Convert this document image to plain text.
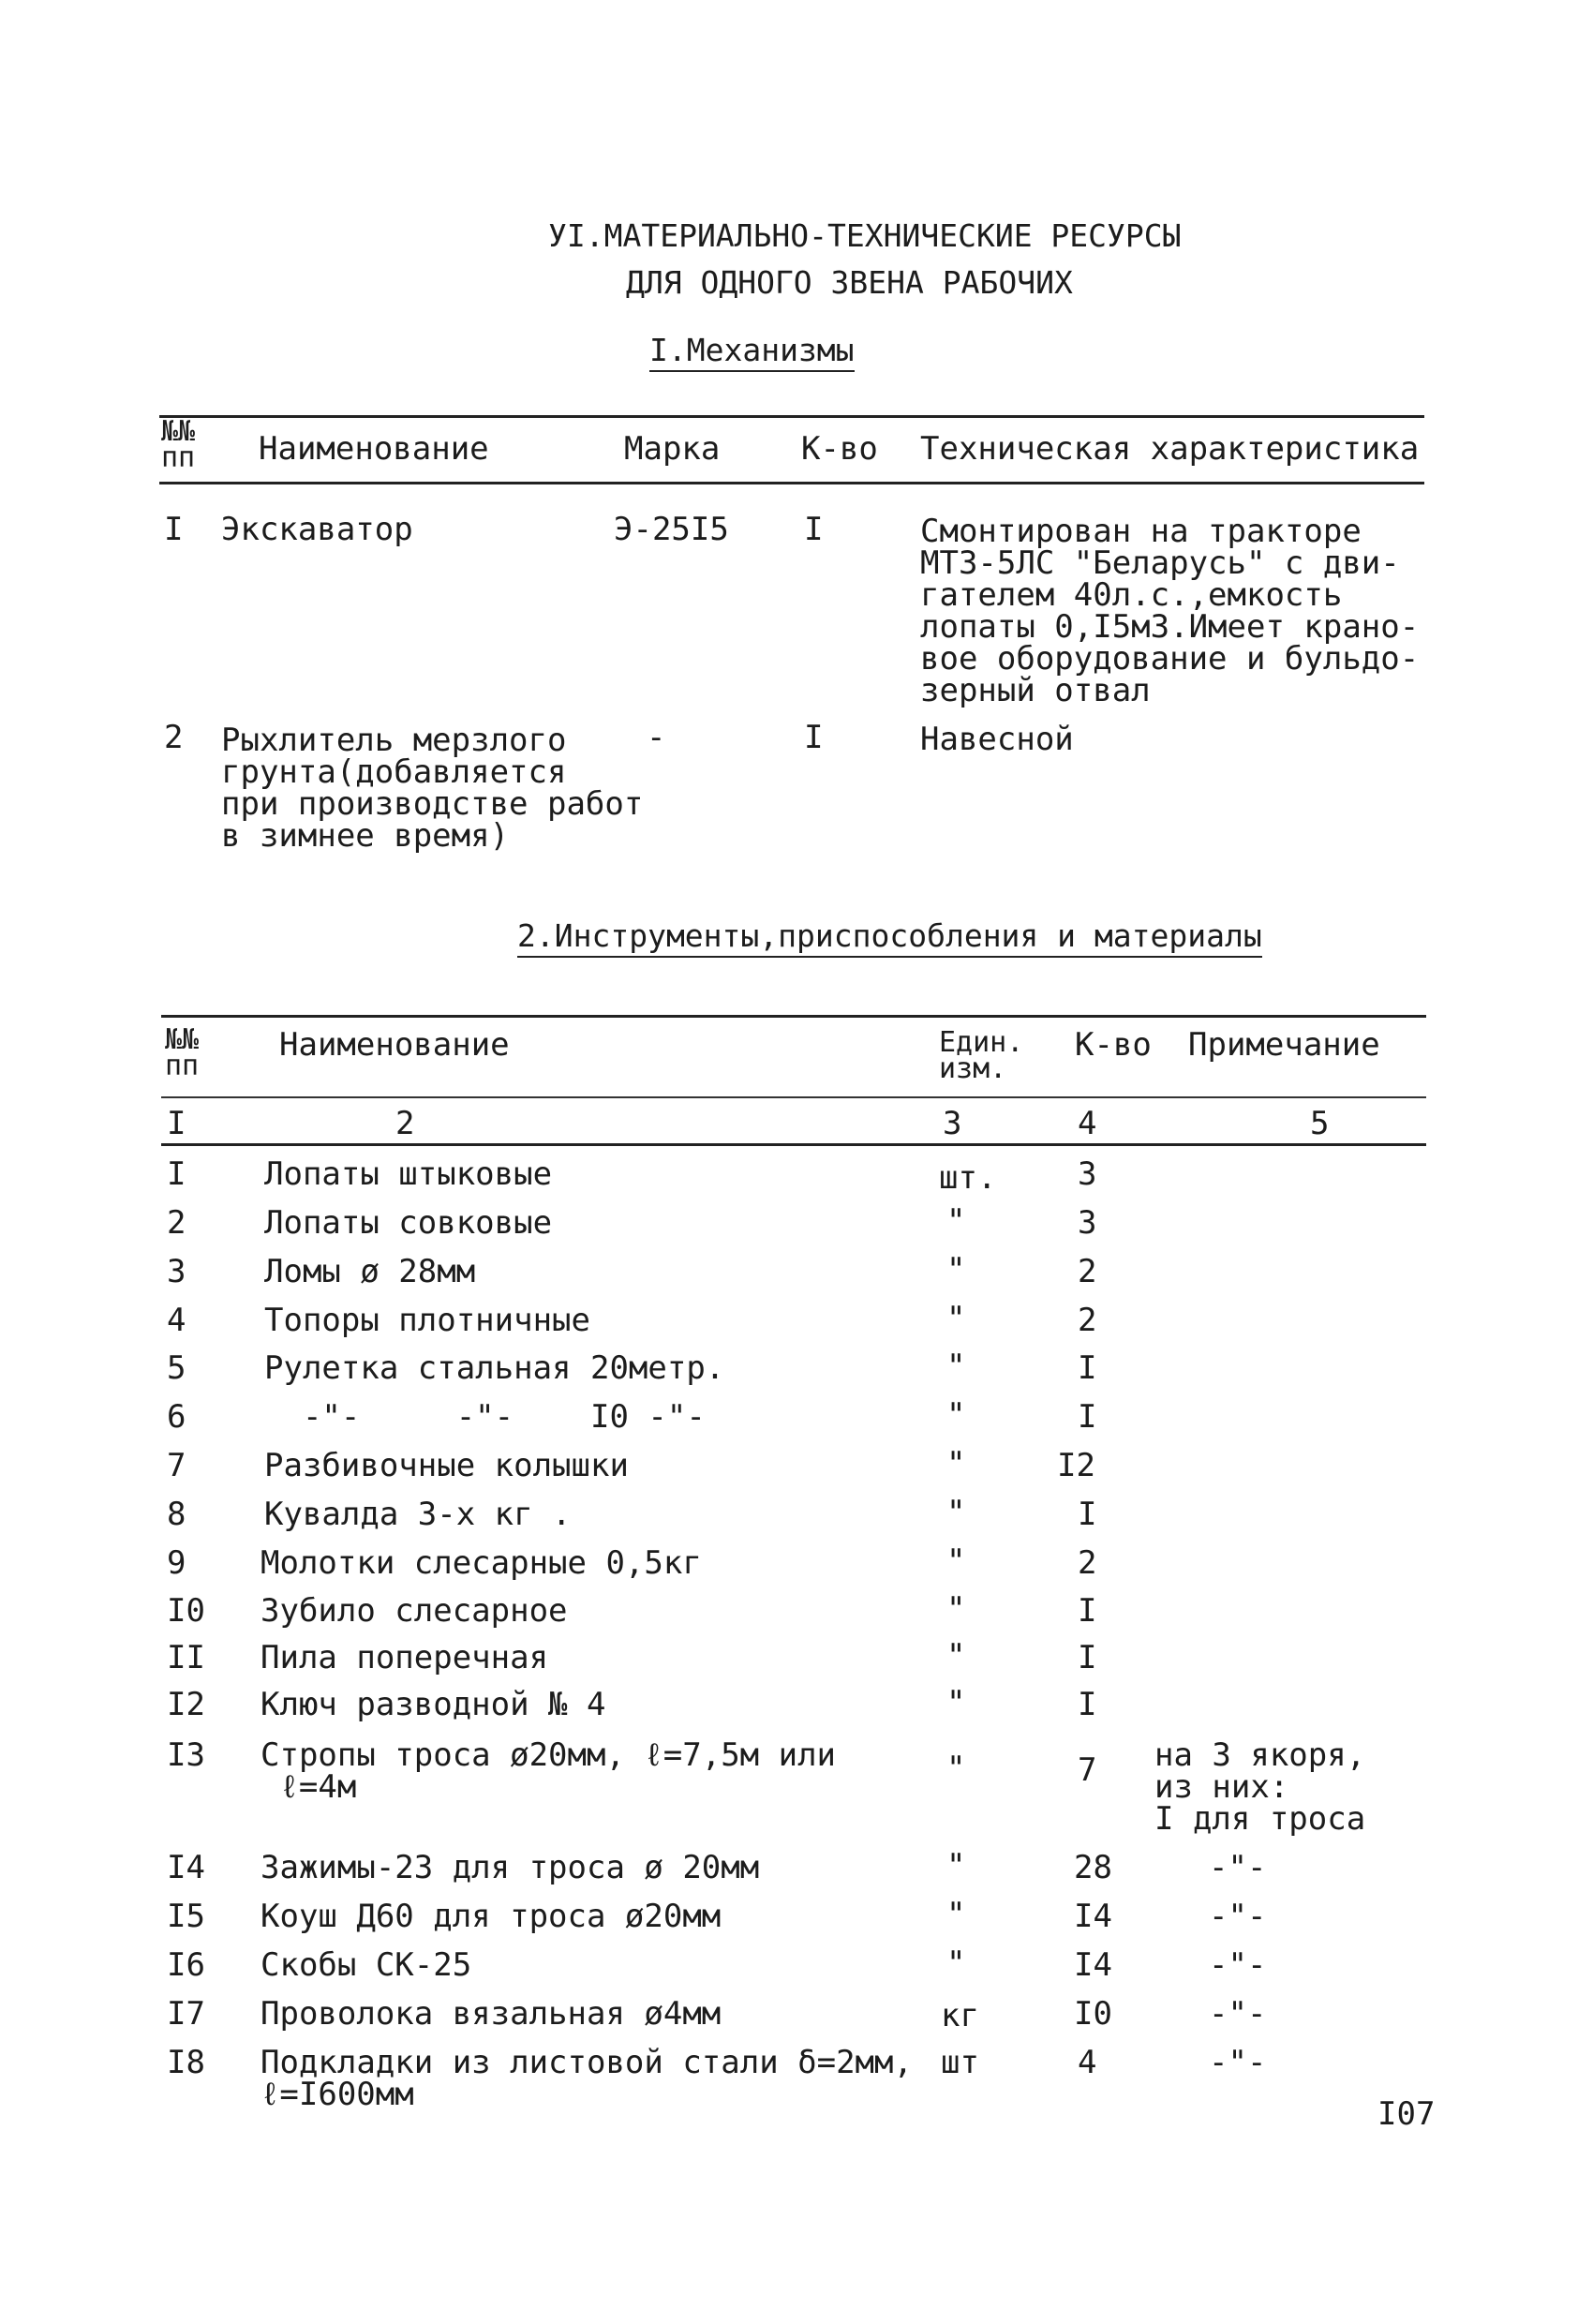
УI.МАТЕРИАЛЬНО-ТЕХНИЧЕСКИЕ РЕСУРСЫ
ДЛЯ ОДНОГО ЗВЕНА РАБОЧИХ
I.Механизмы
№№
пп Наименование	Марка	К-во Техническая характеристика
I Экскаватор	Э-25I5 I	Смонтирован на тракторе
МТЗ-5ЛС "Беларусь" с дви-
гателем 40л.с.,емкость
лопаты 0,I5мЗ.Имеет крано-
вое оборудование и бульдо-
зерный отвал
2 Рыхлитель мерзлого
грунта(добавляется
при производстве работ
в зимнее время)
-	I	Навесной
2.Инструменты,приспособления и материалы
№№
пп
Наименование	Един.
изм.
К-во Примечание
I	2	3	4	5
I Лопаты штыковые	шт.	3
2 Лопаты совковые	"	3
3 Ломы ø 28мм	"	2
4 Топоры плотничные	"	2
5 Рулетка стальная 20метр.	"	I
6 -"-     -"-    I0 -"-	"	I
7 Разбивочные колышки	"	I2
8 Кувалда 3-х кг .	"	I
9 Молотки слесарные 0,5кг	"	2
I0 Зубило слесарное	"	I
II Пила поперечная	"	I
I2 Ключ разводной № 4	"	I
I3 Стропы троса ø20мм, ℓ=7,5м или
ℓ=4м	"	7 на 3 якоря,
из них:
I для троса
I4 Зажимы-23 для троса ø 20мм	"	28	-"-
I5 Коуш Д60 для троса ø20мм	"	I4	-"-
I6 Скобы СК-25	"	I4	-"-
I7 Проволока вязальная ø4мм	кг	I0	-"-
I8 Подкладки из листовой стали δ=2мм,
ℓ=I600мм
шт	4	-"-
I07
